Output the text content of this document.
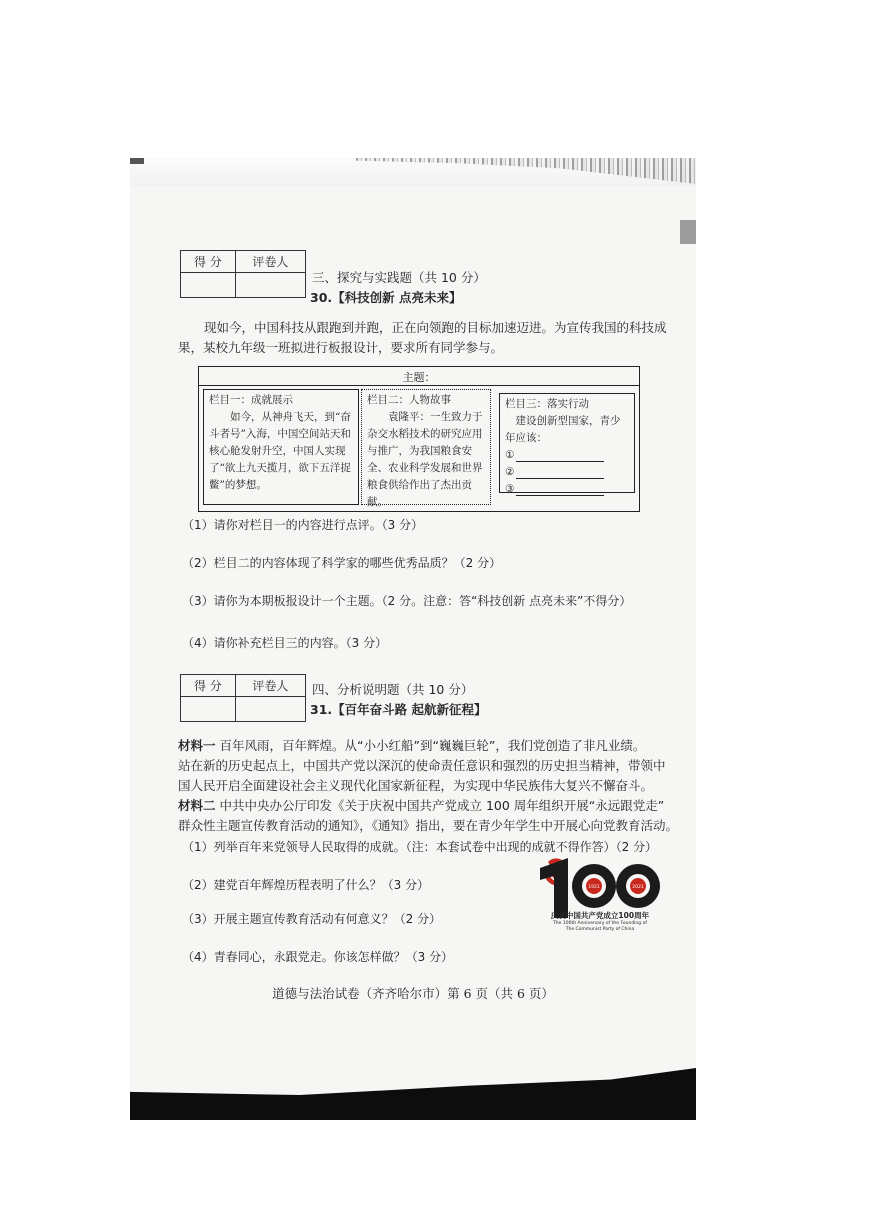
得 分	评卷人

三、探究与实践题（共 10 分）
30.【科技创新 点亮未来】
现如今，中国科技从跟跑到并跑，正在向领跑的目标加速迈进。为宣传我国的科技成
果，某校九年级一班拟进行板报设计，要求所有同学参与。
主题：
栏目一：成就展示
如今，从神舟飞天，到“奋斗者号”入海，中国空间站天和核心舱发射升空，中国人实现了“欲上九天揽月，欲下五洋捉鳖”的梦想。
栏目二：人物故事
袁隆平：一生致力于杂交水稻技术的研究应用与推广，为我国粮食安全、农业科学发展和世界粮食供给作出了杰出贡献。
栏目三：落实行动
建设创新型国家，青少年应该：
①
②
③
（1）请你对栏目一的内容进行点评。（3 分）
（2）栏目二的内容体现了科学家的哪些优秀品质？（2 分）
（3）请你为本期板报设计一个主题。（2 分。注意：答“科技创新 点亮未来”不得分）
（4）请你补充栏目三的内容。（3 分）
得 分	评卷人
	四、分析说明题（共 10 分）
31.【百年奋斗路 起航新征程】
材料一 百年风雨，百年辉煌。从“小小红船”到“巍巍巨轮”，我们党创造了非凡业绩。
站在新的历史起点上，中国共产党以深沉的使命责任意识和强烈的历史担当精神，带领中
国人民开启全面建设社会主义现代化国家新征程，为实现中华民族伟大复兴不懈奋斗。
材料二 中共中央办公厅印发《关于庆祝中国共产党成立 100 周年组织开展“永远跟党走”
群众性主题宣传教育活动的通知》，《通知》指出，要在青少年学生中开展心向党教育活动。
（1）列举百年来党领导人民取得的成就。（注：本套试卷中出现的成就不得作答）（2 分）
（2）建党百年辉煌历程表明了什么？（3 分）
（3）开展主题宣传教育活动有何意义？（2 分）
（4）青春同心，永跟党走。你该怎样做？（3 分）
1921	2021
庆祝中国共产党成立100周年
The 100th Anniversary of the Founding of
The Communist Party of China
道德与法治试卷（齐齐哈尔市）第 6 页（共 6 页）
